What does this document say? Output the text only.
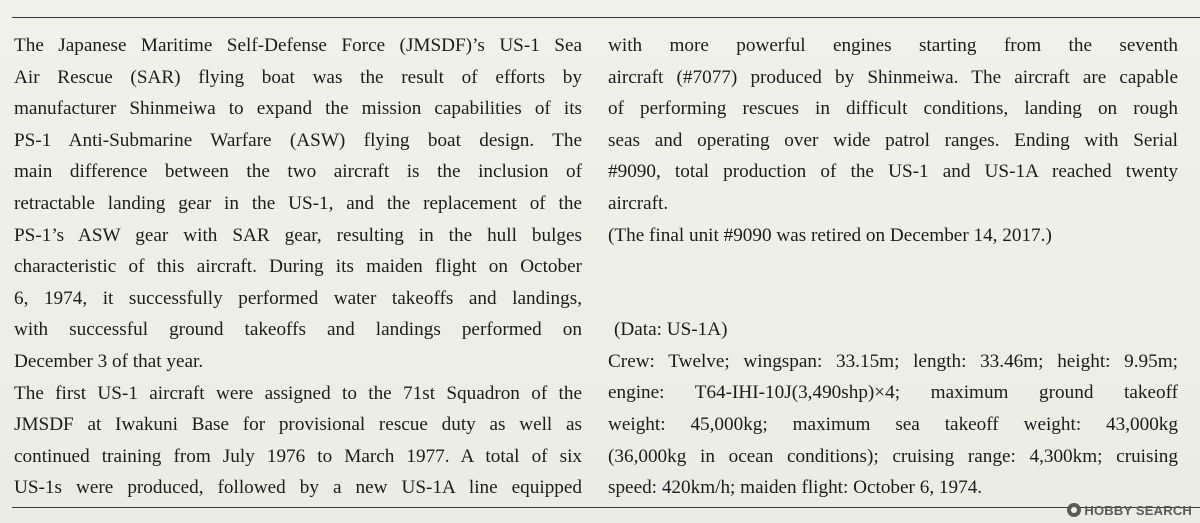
The Japanese Maritime Self-Defense Force (JMSDF)’s US-1 Sea
Air Rescue (SAR) flying boat was the result of efforts by
manufacturer Shinmeiwa to expand the mission capabilities of its
PS-1 Anti-Submarine Warfare (ASW) flying boat design. The
main difference between the two aircraft is the inclusion of
retractable landing gear in the US-1, and the replacement of the
PS-1’s ASW gear with SAR gear, resulting in the hull bulges
characteristic of this aircraft. During its maiden flight on October
6, 1974, it successfully performed water takeoffs and landings,
with successful ground takeoffs and landings performed on
December 3 of that year.
The first US-1 aircraft were assigned to the 71st Squadron of the
JMSDF at Iwakuni Base for provisional rescue duty as well as
continued training from July 1976 to March 1977. A total of six
US-1s were produced, followed by a new US-1A line equipped
with more powerful engines starting from the seventh
aircraft (#7077) produced by Shinmeiwa. The aircraft are capable
of performing rescues in difficult conditions, landing on rough
seas and operating over wide patrol ranges. Ending with Serial
#9090, total production of the US-1 and US-1A reached twenty
aircraft.
(The final unit #9090 was retired on December 14, 2017.)
(Data: US-1A)
Crew: Twelve; wingspan: 33.15m; length: 33.46m; height: 9.95m;
engine: T64-IHI-10J(3,490shp)×4; maximum ground takeoff
weight: 45,000kg; maximum sea takeoff weight: 43,000kg
(36,000kg in ocean conditions); cruising range: 4,300km; cruising
speed: 420km/h; maiden flight: October 6, 1974.
HOBBY SEARCH
